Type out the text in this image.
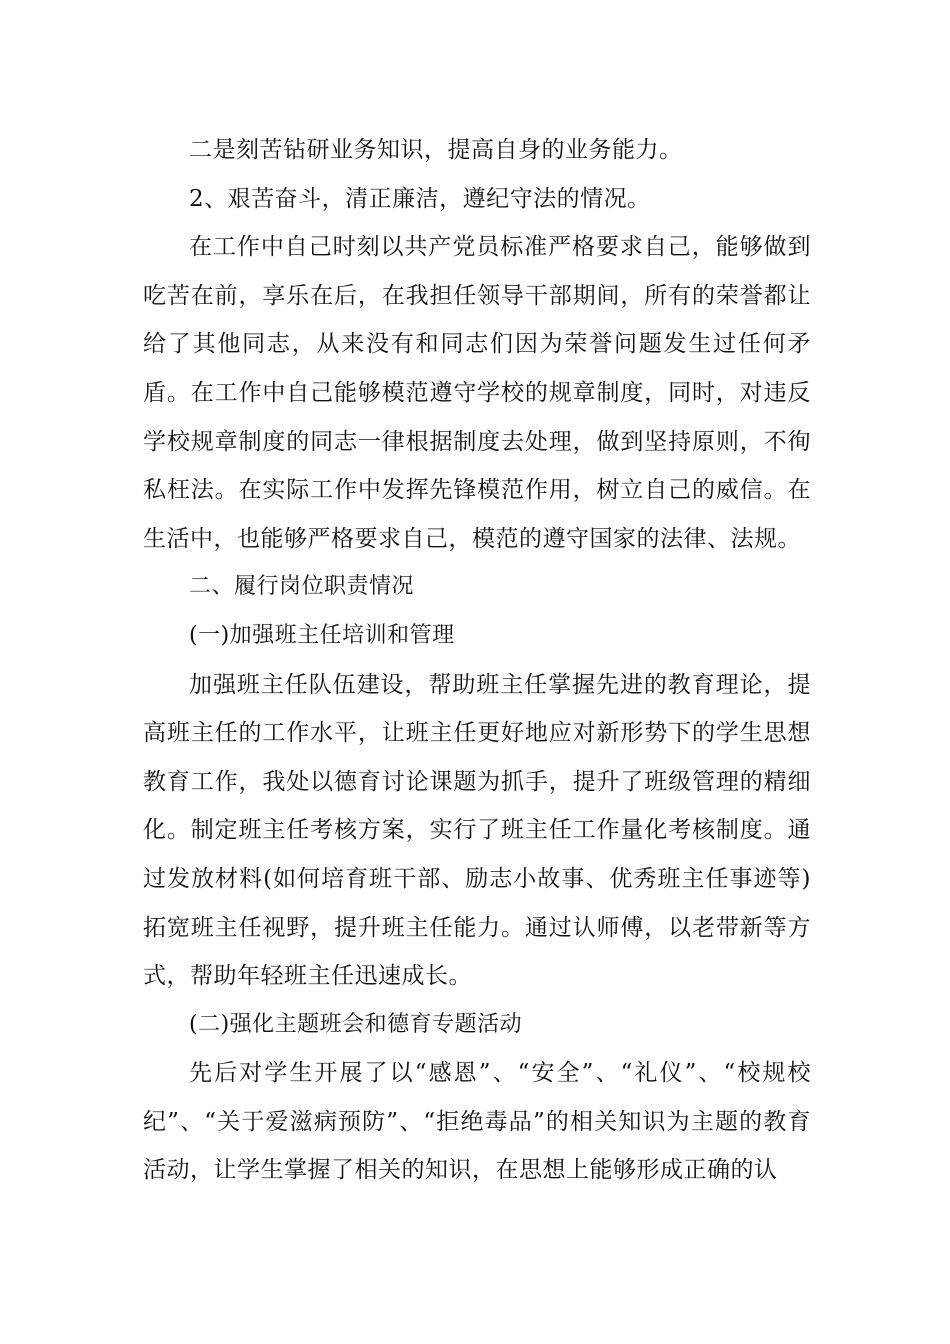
二是刻苦钻研业务知识，提高自身的业务能力。

2、艰苦奋斗，清正廉洁，遵纪守法的情况。

在工作中自己时刻以共产党员标准严格要求自己，能够做到吃苦在前，享乐在后，在我担任领导干部期间，所有的荣誉都让给了其他同志，从来没有和同志们因为荣誉问题发生过任何矛盾。在工作中自己能够模范遵守学校的规章制度，同时，对违反学校规章制度的同志一律根据制度去处理，做到坚持原则，不徇私枉法。在实际工作中发挥先锋模范作用，树立自己的威信。在生活中，也能够严格要求自己，模范的遵守国家的法律、法规。

二、履行岗位职责情况

(一)加强班主任培训和管理

加强班主任队伍建设，帮助班主任掌握先进的教育理论，提高班主任的工作水平，让班主任更好地应对新形势下的学生思想教育工作，我处以德育讨论课题为抓手，提升了班级管理的精细化。制定班主任考核方案，实行了班主任工作量化考核制度。通过发放材料(如何培育班干部、励志小故事、优秀班主任事迹等)拓宽班主任视野，提升班主任能力。通过认师傅，以老带新等方式，帮助年轻班主任迅速成长。

(二)强化主题班会和德育专题活动

先后对学生开展了以“感恩”、“安全”、“礼仪”、“校规校纪”、“关于爱滋病预防”、“拒绝毒品”的相关知识为主题的教育活动，让学生掌握了相关的知识，在思想上能够形成正确的认
